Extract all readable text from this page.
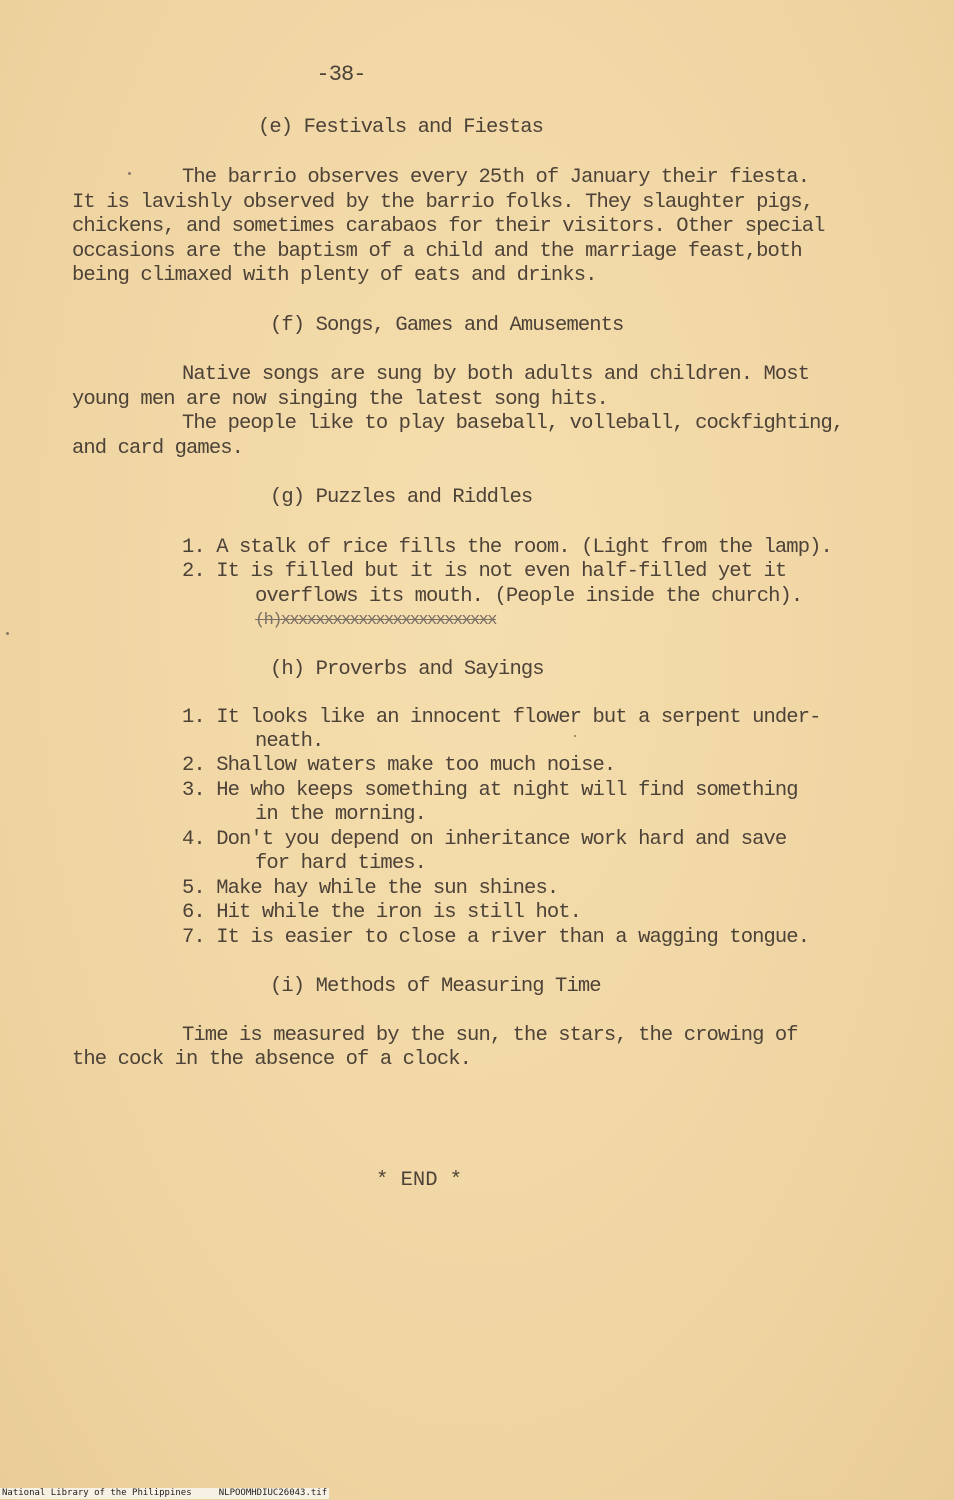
-38-
(e) Festivals and Fiestas
The barrio observes every 25th of January their fiesta.
It is lavishly observed by the barrio folks. They slaughter pigs,
chickens, and sometimes carabaos for their visitors. Other special
occasions are the baptism of a child and the marriage feast,both
being climaxed with plenty of eats and drinks.
(f) Songs, Games and Amusements
Native songs are sung by both adults and children. Most
young men are now singing the latest song hits.
The people like to play baseball, volleball, cockfighting,
and card games.
(g) Puzzles and Riddles
1. A stalk of rice fills the room. (Light from the lamp).
2. It is filled but it is not even half-filled yet it
overflows its mouth. (People inside the church).
(h)xxxxxxxxxxxxxxxxxxxxxxxxx
(h) Proverbs and Sayings
1. It looks like an innocent flower but a serpent under-
neath.
2. Shallow waters make too much noise.
3. He who keeps something at night will find something
in the morning.
4. Don't you depend on inheritance work hard and save
for hard times.
5. Make hay while the sun shines.
6. Hit while the iron is still hot.
7. It is easier to close a river than a wagging tongue.
(i) Methods of Measuring Time
Time is measured by the sun, the stars, the crowing of
the cock in the absence of a clock.
* END *
National Library of the Philippines	NLPOOMHDIUC26043.tif
